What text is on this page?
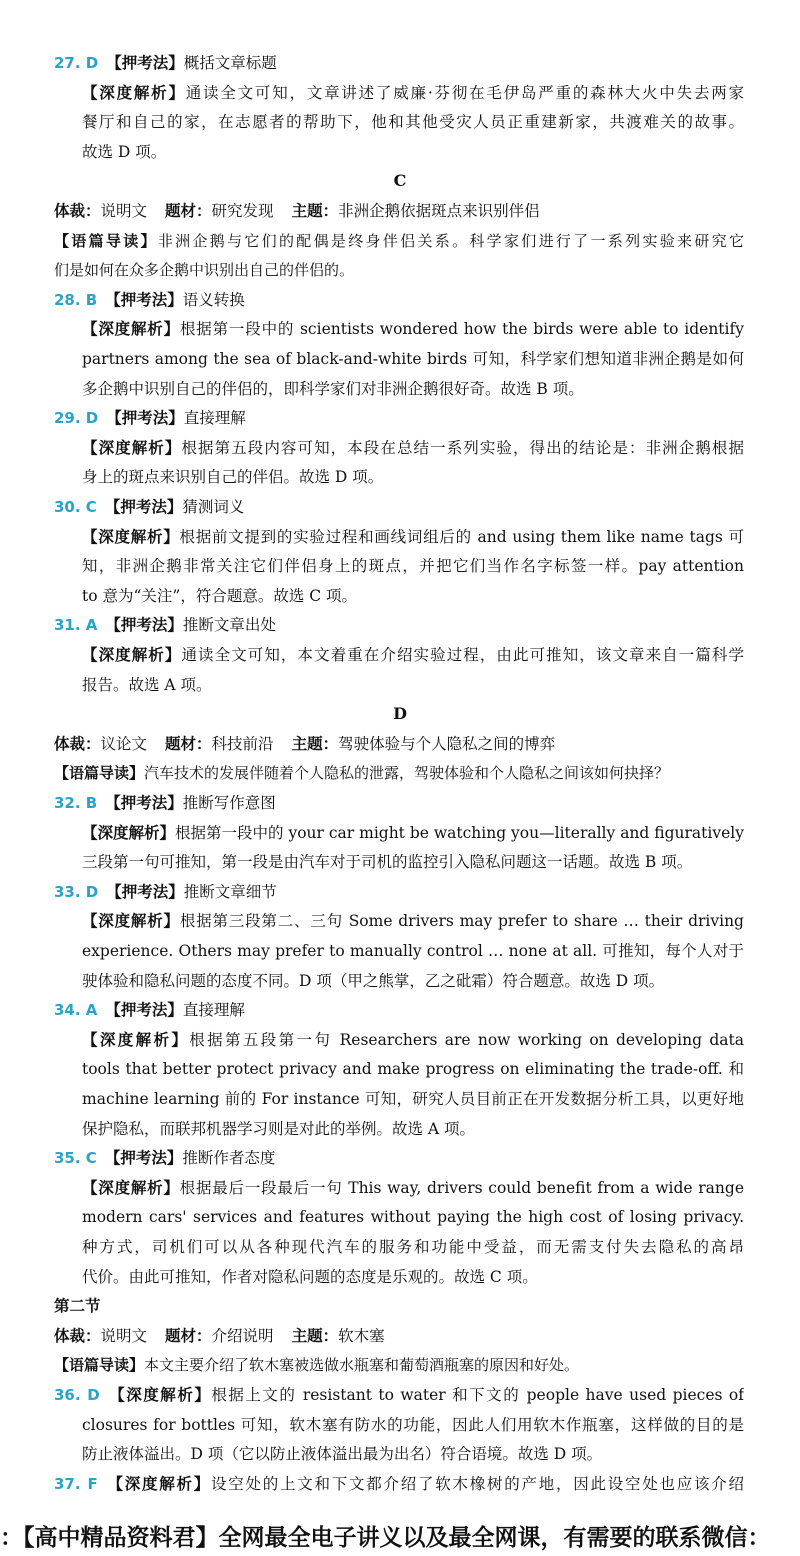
27. D 【押考法】概括文章标题
【深度解析】通读全文可知，文章讲述了威廉·芬彻在毛伊岛严重的森林大火中失去两家
餐厅和自己的家，在志愿者的帮助下，他和其他受灾人员正重建新家，共渡难关的故事。
故选 D 项。
C
体裁：说明文 题材：研究发现 主题：非洲企鹅依据斑点来识别伴侣
【语篇导读】非洲企鹅与它们的配偶是终身伴侣关系。科学家们进行了一系列实验来研究它
们是如何在众多企鹅中识别出自己的伴侣的。
28. B 【押考法】语义转换
【深度解析】根据第一段中的 scientists wondered how the birds were able to identify
partners among the sea of black-and-white birds 可知，科学家们想知道非洲企鹅是如何
多企鹅中识别自己的伴侣的，即科学家们对非洲企鹅很好奇。故选 B 项。
29. D 【押考法】直接理解
【深度解析】根据第五段内容可知，本段在总结一系列实验，得出的结论是：非洲企鹅根据
身上的斑点来识别自己的伴侣。故选 D 项。
30. C 【押考法】猜测词义
【深度解析】根据前文提到的实验过程和画线词组后的 and using them like name tags 可
知，非洲企鹅非常关注它们伴侣身上的斑点，并把它们当作名字标签一样。pay attention
to 意为“关注”，符合题意。故选 C 项。
31. A 【押考法】推断文章出处
【深度解析】通读全文可知，本文着重在介绍实验过程，由此可推知，该文章来自一篇科学
报告。故选 A 项。
D
体裁：议论文 题材：科技前沿 主题：驾驶体验与个人隐私之间的博弈
【语篇导读】汽车技术的发展伴随着个人隐私的泄露，驾驶体验和个人隐私之间该如何抉择？
32. B 【押考法】推断写作意图
【深度解析】根据第一段中的 your car might be watching you—literally and figuratively
三段第一句可推知，第一段是由汽车对于司机的监控引入隐私问题这一话题。故选 B 项。
33. D 【押考法】推断文章细节
【深度解析】根据第三段第二、三句 Some drivers may prefer to share … their driving
experience. Others may prefer to manually control … none at all. 可推知，每个人对于
驶体验和隐私问题的态度不同。D 项（甲之熊掌，乙之砒霜）符合题意。故选 D 项。
34. A 【押考法】直接理解
【深度解析】根据第五段第一句 Researchers are now working on developing data
tools that better protect privacy and make progress on eliminating the trade-off. 和
machine learning 前的 For instance 可知，研究人员目前正在开发数据分析工具，以更好地
保护隐私，而联邦机器学习则是对此的举例。故选 A 项。
35. C 【押考法】推断作者态度
【深度解析】根据最后一段最后一句 This way, drivers could benefit from a wide range
modern cars' services and features without paying the high cost of losing privacy.
种方式，司机们可以从各种现代汽车的服务和功能中受益，而无需支付失去隐私的高昂
代价。由此可推知，作者对隐私问题的态度是乐观的。故选 C 项。
第二节
体裁：说明文 题材：介绍说明 主题：软木塞
【语篇导读】本文主要介绍了软木塞被选做水瓶塞和葡萄酒瓶塞的原因和好处。
36. D 【深度解析】根据上文的 resistant to water 和下文的 people have used pieces of
closures for bottles 可知，软木塞有防水的功能，因此人们用软木作瓶塞，这样做的目的是
防止液体溢出。D 项（它以防止液体溢出最为出名）符合语境。故选 D 项。
37. F 【深度解析】设空处的上文和下文都介绍了软木橡树的产地，因此设空处也应该介绍
：【高中精品资料君】全网最全电子讲义以及最全网课，有需要的联系微信：
